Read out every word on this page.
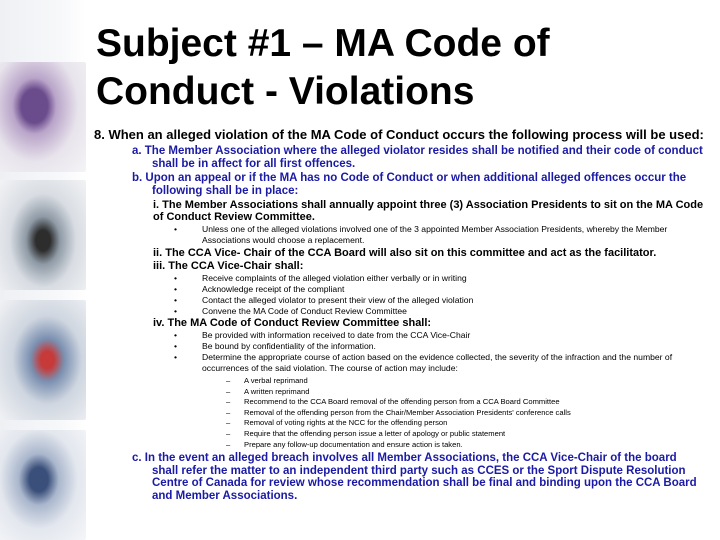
Subject #1 – MA Code of
Conduct - Violations

8. When an alleged violation of the MA Code of Conduct occurs the following process will be used:

a. The Member Association where the alleged violator resides shall be notified and their code of conduct shall be in affect for all first offences.

b. Upon an appeal or if the MA has no Code of Conduct or when additional alleged offences occur the following shall be in place:

i. The Member Associations shall annually appoint three (3) Association Presidents to sit on the MA Code of Conduct Review Committee.

•	Unless one of the alleged violations involved one of the 3 appointed Member Association Presidents, whereby the Member Associations would choose a replacement.

ii. The CCA Vice- Chair of the CCA Board will also sit on this committee and act as the facilitator.

iii. The CCA Vice-Chair shall:

•	Receive complaints of the alleged violation either verbally or in writing
•	Acknowledge receipt of the compliant
•	Contact the alleged violator to present their view of the alleged violation
•	Convene the MA Code of Conduct Review Committee

iv. The MA Code of Conduct Review Committee shall:

•	Be provided with information received to date from the CCA Vice-Chair
•	Be bound by confidentiality of the information.
•	Determine the appropriate course of action based on the evidence collected, the severity of the infraction and the number of occurrences of the said violation. The course of action may include:
– A verbal reprimand
– A written reprimand
– Recommend to the CCA Board removal of the offending person from a CCA Board Committee
– Removal of the offending person from the Chair/Member Association Presidents' conference calls
– Removal of voting rights at the NCC for the offending person
– Require that the offending person issue a letter of apology or public statement
– Prepare any follow-up documentation and ensure action is taken.

c. In the event an alleged breach involves all Member Associations, the CCA Vice-Chair of the board shall refer the matter to an independent third party such as CCES or the Sport Dispute Resolution Centre of Canada for review whose recommendation shall be final and binding upon the CCA Board and Member Associations.
